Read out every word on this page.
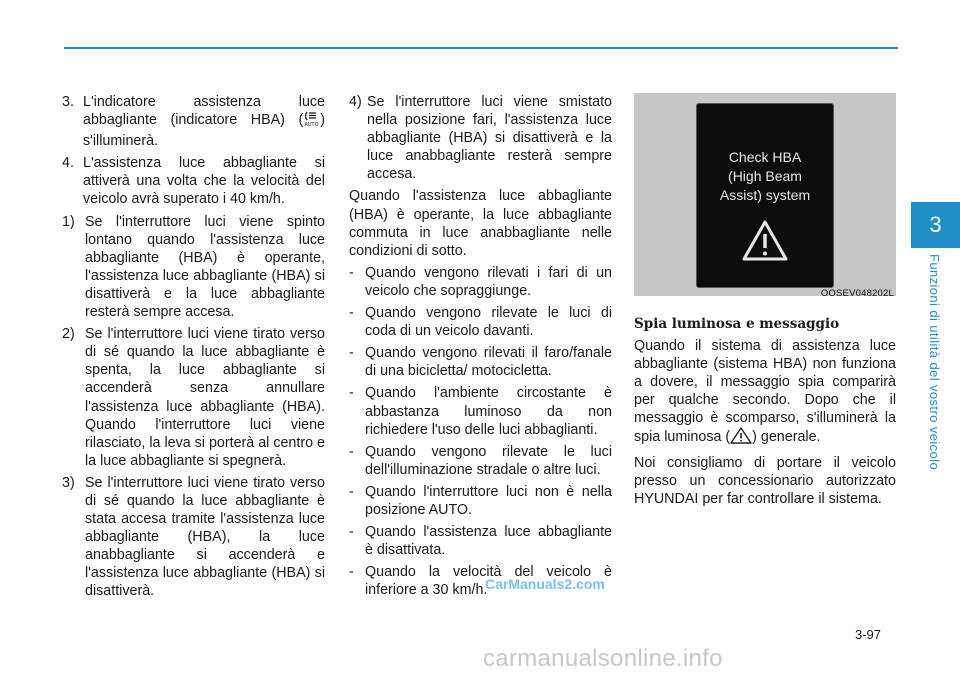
3
Funzioni di utilità del vostro veicolo
3. L'indicatore assistenza luce abbagliante (indicatore HBA) ( AUTO ) s'illuminerà.
4. L'assistenza luce abbagliante si attiverà una volta che la velocità del veicolo avrà superato i 40 km/h.
1) Se l'interruttore luci viene spinto lontano quando l'assistenza luce abbagliante (HBA) è operante, l'assistenza luce abbagliante (HBA) si disattiverà e la luce abbagliante resterà sempre accesa.
2) Se l'interruttore luci viene tirato verso di sé quando la luce abbagliante è spenta, la luce abbagliante si accenderà senza annullare l'assistenza luce abbagliante (HBA). Quando l'interruttore luci viene rilasciato, la leva si porterà al centro e la luce abbagliante si spegnerà.
3) Se l'interruttore luci viene tirato verso di sé quando la luce abbagliante è stata accesa tramite l'assistenza luce abbagliante (HBA), la luce anabbagliante si accenderà e l'assistenza luce abbagliante (HBA) si disattiverà.
4) Se l'interruttore luci viene smistato nella posizione fari, l'assistenza luce abbagliante (HBA) si disattiverà e la luce anabbagliante resterà sempre accesa.

Quando l'assistenza luce abbagliante (HBA) è operante, la luce abbagliante commuta in luce anabbagliante nelle condizioni di sotto.

- Quando vengono rilevati i fari di un veicolo che sopraggiunge.
- Quando vengono rilevate le luci di coda di un veicolo davanti.
- Quando vengono rilevati il faro/fanale di una bicicletta/ motocicletta.
- Quando l'ambiente circostante è abbastanza luminoso da non richiedere l'uso delle luci abbaglianti.
- Quando vengono rilevate le luci dell'illuminazione stradale o altre luci.
- Quando l'interruttore luci non è nella posizione AUTO.
- Quando l'assistenza luce abbagliante è disattivata.
- Quando la velocità del veicolo è inferiore a 30 km/h.
Check HBA
(High Beam
Assist) system
OOSEV048202L
Spia luminosa e messaggio

Quando il sistema di assistenza luce abbagliante (sistema HBA) non funziona a dovere, il messaggio spia comparirà per qualche secondo. Dopo che il messaggio è scomparso, s'illuminerà la spia luminosa ( ) generale.

Noi consigliamo di portare il veicolo presso un concessionario autorizzato HYUNDAI per far controllare il sistema.

3-97
CarManuals2.com
carmanualsonline.info
